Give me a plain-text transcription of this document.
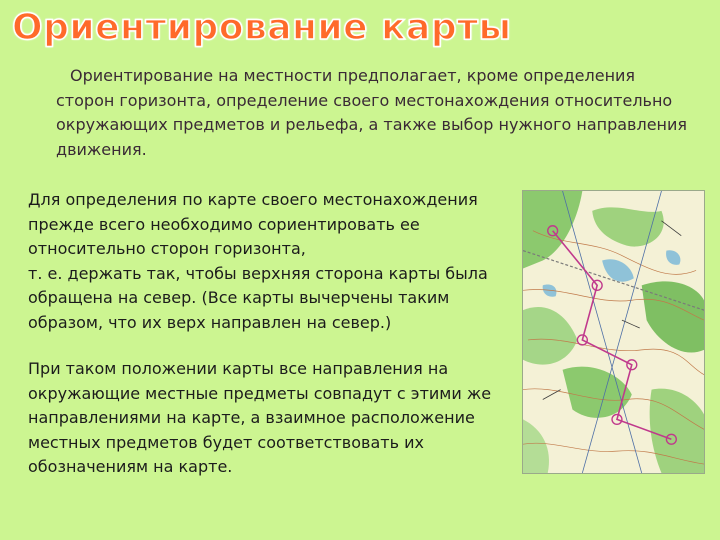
Ориентирование карты

Ориентирование на местности предполагает, кроме определения сторон горизонта, определение своего местонахождения относительно окружающих предметов и рельефа, а также выбор нужного направления движения.

Для определения по карте своего местонахождения прежде всего необходимо сориентировать ее относительно сторон горизонта,
т. е. держать так, чтобы верхняя сторона карты была обращена на север. (Все карты вычерчены таким образом, что их верх направлен на север.)

При таком положении карты все направления на окружающие местные предметы совпадут с этими же направлениями на карте, а взаимное расположение местных предметов будет соответствовать их обозначениям на карте.
